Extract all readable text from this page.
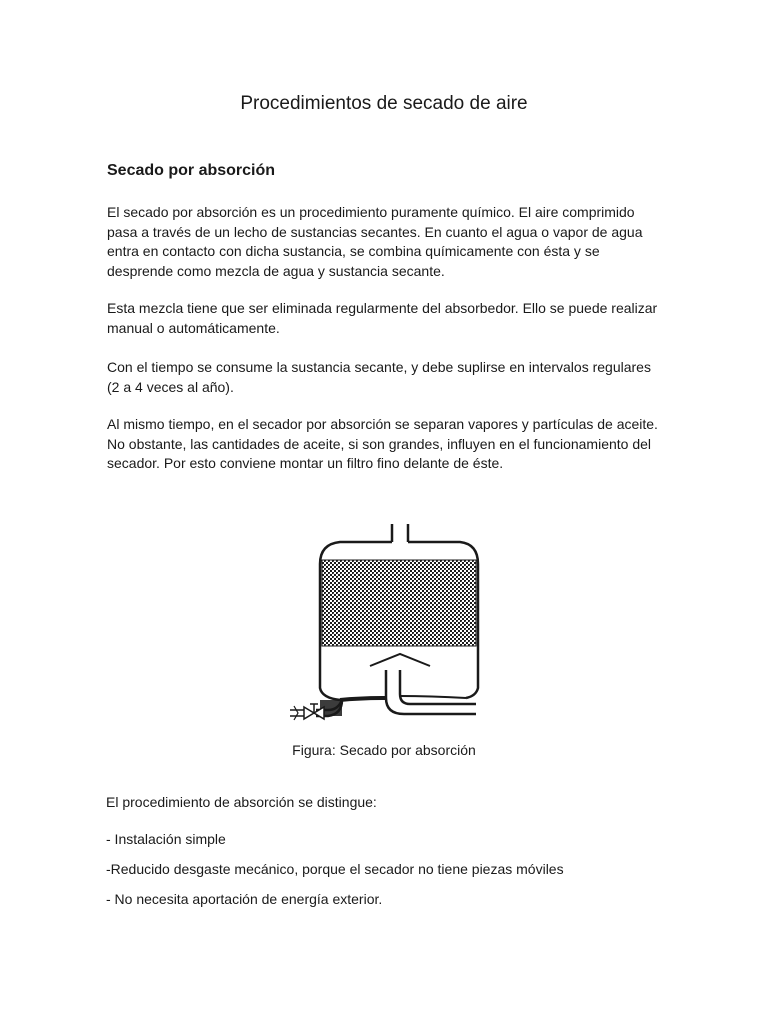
Procedimientos de secado de aire
Secado por absorción

El secado por absorción es un procedimiento puramente químico. El aire comprimido pasa a través de un lecho de sustancias secantes. En cuanto el agua o vapor de agua entra en contacto con dicha sustancia, se combina químicamente con ésta y se desprende como mezcla de agua y sustancia secante.

Esta mezcla tiene que ser eliminada regularmente del absorbedor. Ello se puede realizar manual o automáticamente.

Con el tiempo se consume la sustancia secante, y debe suplirse en intervalos regulares (2 a 4 veces al año).

Al mismo tiempo, en el secador por absorción se separan vapores y partículas de aceite. No obstante, las cantidades de aceite, si son grandes, influyen en el funcionamiento del secador. Por esto conviene montar un filtro fino delante de éste.

Figura: Secado por absorción

El procedimiento de absorción se distingue:

- Instalación simple
-Reducido desgaste mecánico, porque el secador no tiene piezas móviles
- No necesita aportación de energía exterior.
